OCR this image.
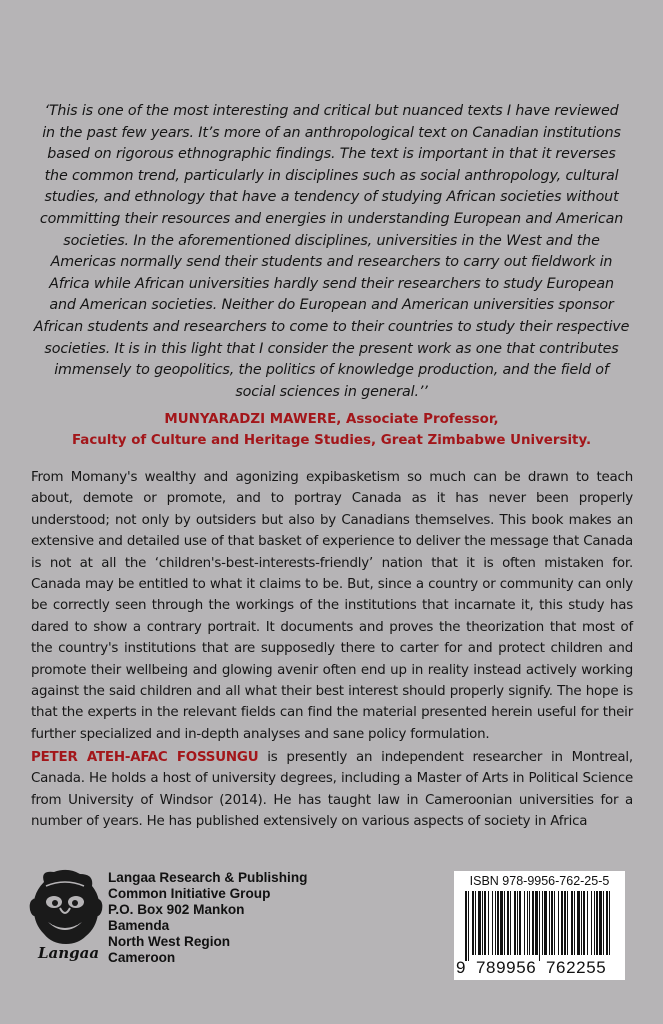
‘This is one of the most interesting and critical but nuanced texts I have reviewed
in the past few years. It’s more of an anthropological text on Canadian institutions
based on rigorous ethnographic findings. The text is important in that it reverses
the common trend, particularly in disciplines such as social anthropology, cultural
studies, and ethnology that have a tendency of studying African societies without
committing their resources and energies in understanding European and American
societies. In the aforementioned disciplines, universities in the West and the
Americas normally send their students and researchers to carry out fieldwork in
Africa while African universities hardly send their researchers to study European
and American societies. Neither do European and American universities sponsor
African students and researchers to come to their countries to study their respective
societies. It is in this light that I consider the present work as one that contributes
immensely to geopolitics, the politics of knowledge production, and the field of
social sciences in general.’’
MUNYARADZI MAWERE, Associate Professor,
Faculty of Culture and Heritage Studies, Great Zimbabwe University.
From Momany's wealthy and agonizing expibasketism so much can be drawn to teach about, demote or promote, and to portray Canada as it has never been properly understood; not only by outsiders but also by Canadians themselves. This book makes an extensive and detailed use of that basket of experience to deliver the message that Canada is not at all the ‘children's-best-interests-friendly’ nation that it is often mistaken for. Canada may be entitled to what it claims to be. But, since a country or community can only be correctly seen through the workings of the institutions that incarnate it, this study has dared to show a contrary portrait. It documents and proves the theorization that most of the country's institutions that are supposedly there to carter for and protect children and promote their wellbeing and glowing avenir often end up in reality instead actively working against the said children and all what their best interest should properly signify. The hope is that the experts in the relevant fields can find the material presented herein useful for their further specialized and in-depth analyses and sane policy formulation.
PETER ATEH-AFAC FOSSUNGU is presently an independent researcher in Montreal, Canada. He holds a host of university degrees, including a Master of Arts in Political Science from University of Windsor (2014). He has taught law in Cameroonian universities for a number of years. He has published extensively on various aspects of society in Africa
Langaa
Langaa Research & Publishing
Common Initiative Group
P.O. Box 902 Mankon
Bamenda
North West Region
Cameroon
ISBN 978-9956-762-25-5
9 789956 762255
